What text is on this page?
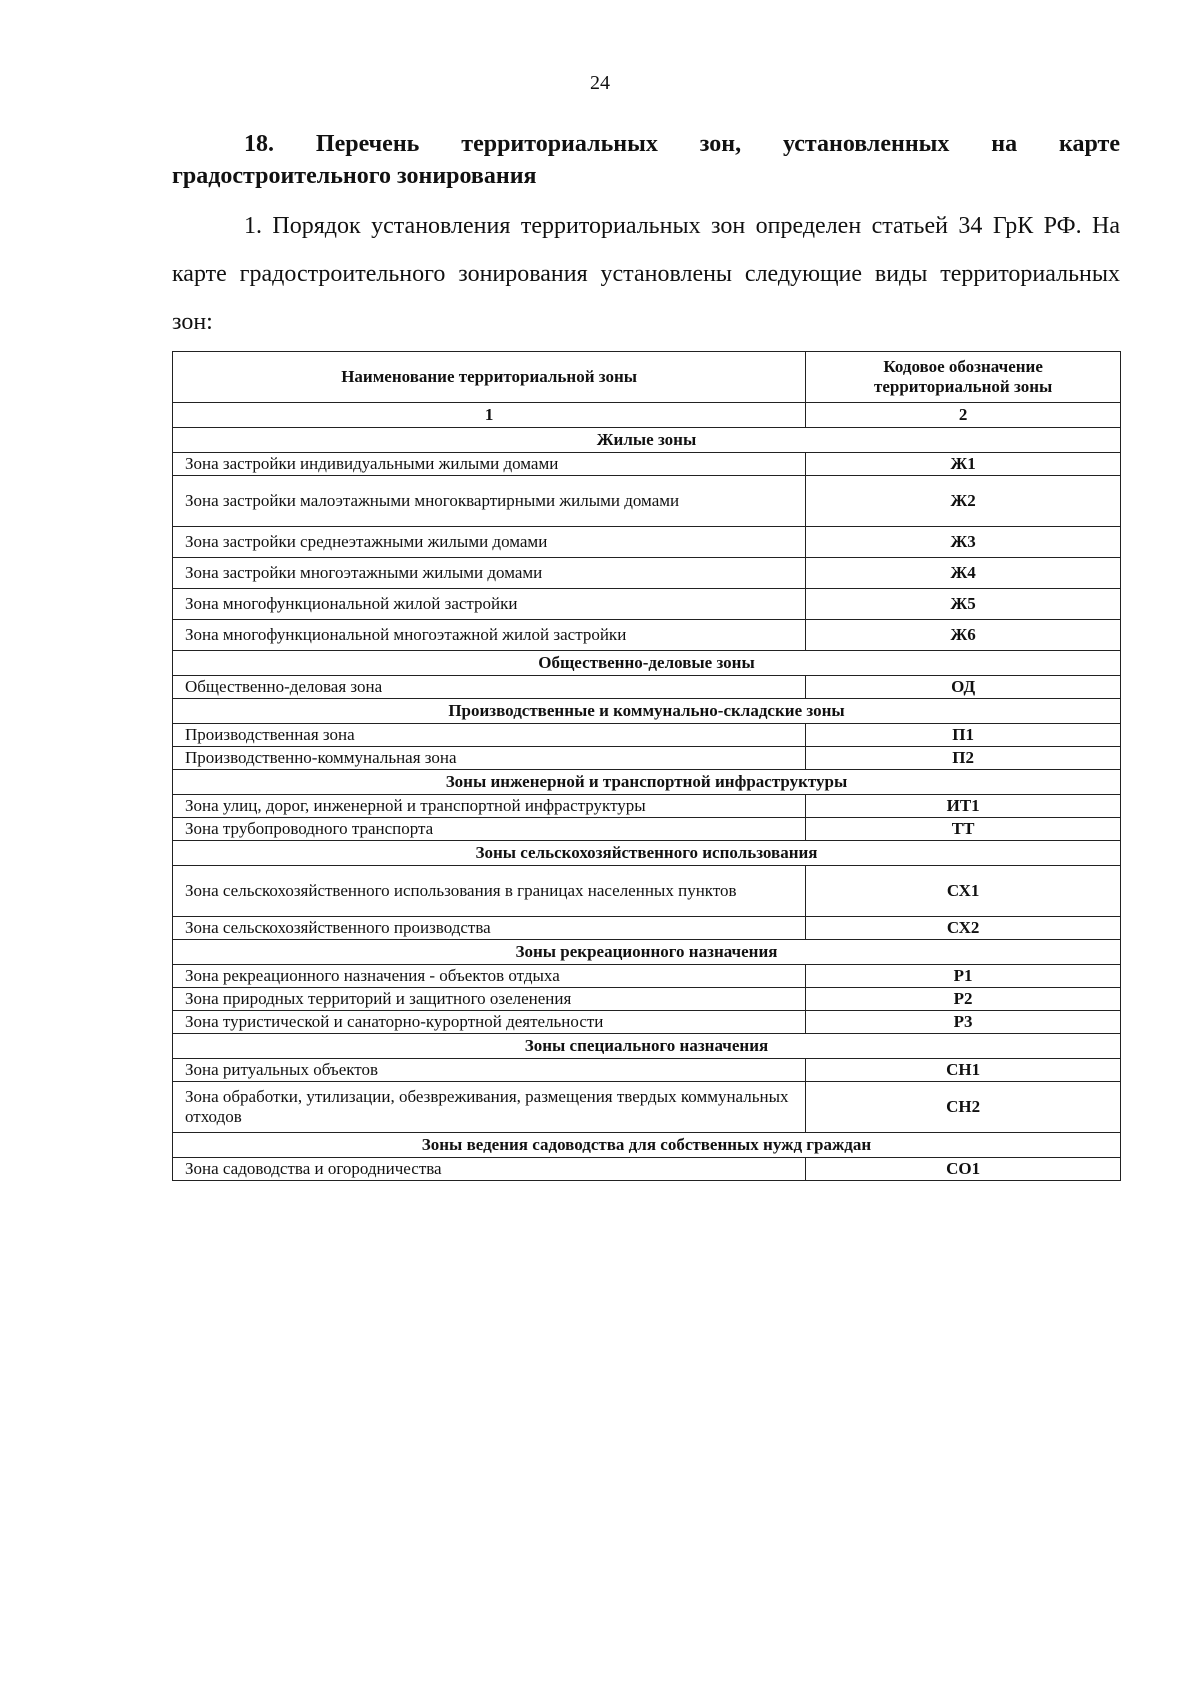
24
18. Перечень территориальных зон, установленных на карте градостроительного зонирования
1. Порядок установления территориальных зон определен статьей 34 ГрК РФ. На карте градостроительного зонирования установлены следующие виды территориальных зон:
Наименование территориальной зоны	Кодовое обозначение территориальной зоны
1	2
Жилые зоны	
Зона застройки индивидуальными жилыми домами	Ж1
Зона застройки малоэтажными многоквартирными жилыми домами	Ж2
Зона застройки среднеэтажными жилыми домами	Ж3
Зона застройки многоэтажными жилыми домами	Ж4
Зона многофункциональной жилой застройки	Ж5
Зона многофункциональной многоэтажной жилой застройки	Ж6
Общественно-деловые зоны	
Общественно-деловая зона	ОД
Производственные и коммунально-складские зоны	
Производственная зона	П1
Производственно-коммунальная зона	П2
Зоны инженерной и транспортной инфраструктуры	
Зона улиц, дорог, инженерной и транспортной инфраструктуры	ИТ1
Зона трубопроводного транспорта	ТТ
Зоны сельскохозяйственного использования	
Зона сельскохозяйственного использования в границах населенных пунктов	СХ1
Зона сельскохозяйственного производства	СХ2
Зоны рекреационного назначения	
Зона рекреационного назначения - объектов отдыха	Р1
Зона природных территорий и защитного озеленения	Р2
Зона туристической и санаторно-курортной деятельности	Р3
Зоны специального назначения	
Зона ритуальных объектов	СН1
Зона обработки, утилизации, обезвреживания, размещения твердых коммунальных отходов	СН2
Зоны ведения садоводства для собственных нужд граждан	
Зона садоводства и огородничества	СО1
